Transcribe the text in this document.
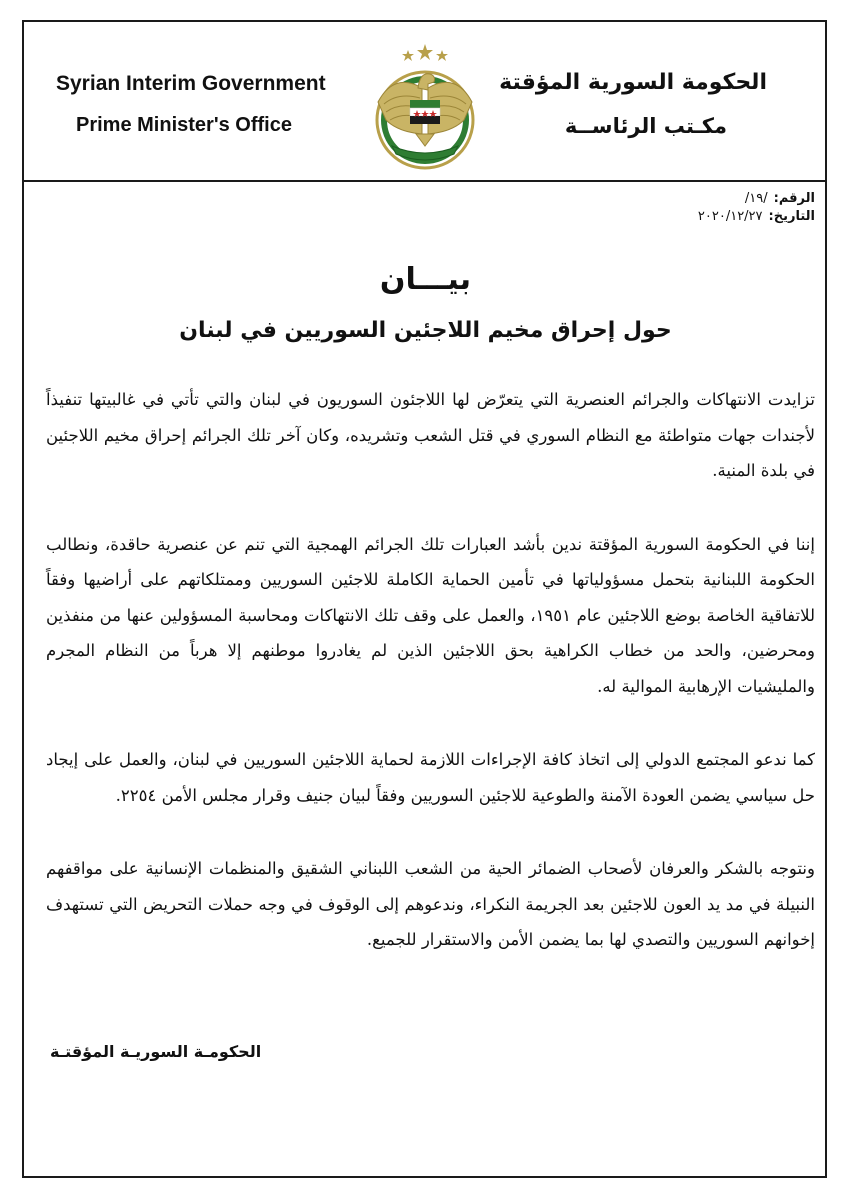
Syrian Interim Government
Prime Minister's Office
الحكومة السورية المؤقتة
مكـتب الرئاســة
الرقم:/١٩/
التاريخ:٢٠٢٠/١٢/٢٧
بيـــان
حول إحراق مخيم اللاجئين السوريين في لبنان

تزايدت الانتهاكات والجرائم العنصرية التي يتعرّض لها اللاجئون السوريون في لبنان والتي تأتي في غالبيتها تنفيذاً لأجندات جهات متواطئة مع النظام السوري في قتل الشعب وتشريده، وكان آخر تلك الجرائم إحراق مخيم اللاجئين في بلدة المنية.

إننا في الحكومة السورية المؤقتة ندين بأشد العبارات تلك الجرائم الهمجية التي تنم عن عنصرية حاقدة، ونطالب الحكومة اللبنانية بتحمل مسؤولياتها في تأمين الحماية الكاملة للاجئين السوريين وممتلكاتهم على أراضيها وفقاً للاتفاقية الخاصة بوضع اللاجئين عام ١٩٥١، والعمل على وقف تلك الانتهاكات ومحاسبة المسؤولين عنها من منفذين ومحرضين، والحد من خطاب الكراهية بحق اللاجئين الذين لم يغادروا موطنهم إلا هرباً من النظام المجرم والمليشيات الإرهابية الموالية له.

كما ندعو المجتمع الدولي إلى اتخاذ كافة الإجراءات اللازمة لحماية اللاجئين السوريين في لبنان، والعمل على إيجاد حل سياسي يضمن العودة الآمنة والطوعية للاجئين السوريين وفقاً لبيان جنيف وقرار مجلس الأمن ٢٢٥٤.

ونتوجه بالشكر والعرفان لأصحاب الضمائر الحية من الشعب اللبناني الشقيق والمنظمات الإنسانية على مواقفهم النبيلة في مد يد العون للاجئين بعد الجريمة النكراء، وندعوهم إلى الوقوف في وجه حملات التحريض التي تستهدف إخوانهم السوريين والتصدي لها بما يضمن الأمن والاستقرار للجميع.

الحكومـة السوريـة المؤقتـة
